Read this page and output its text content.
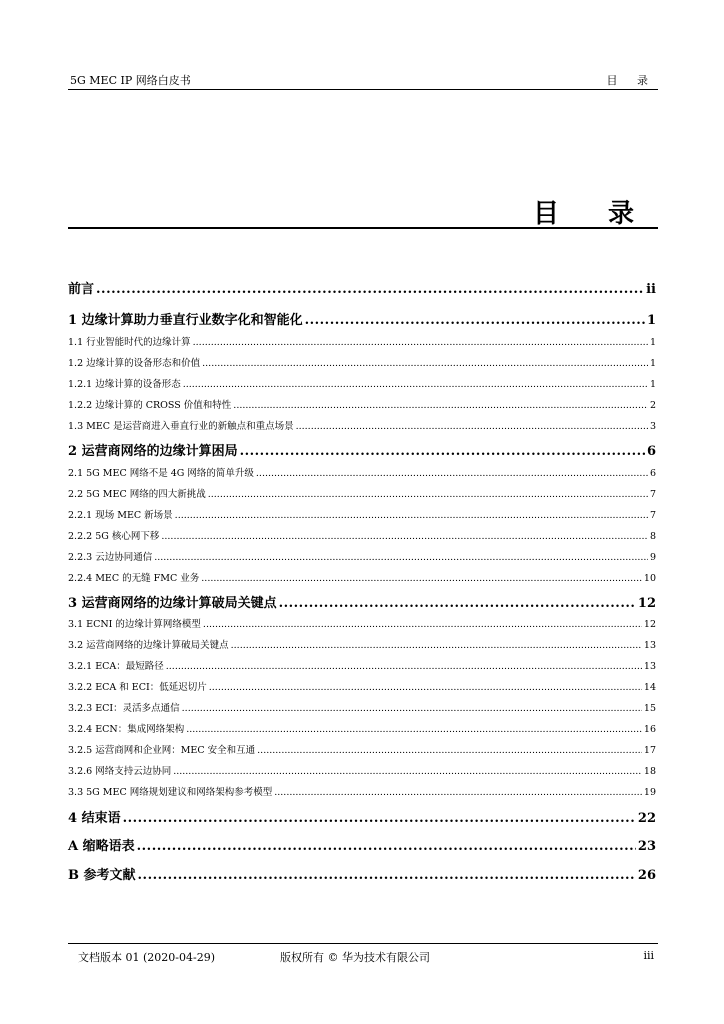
5G MEC IP 网络白皮书	目 录
目 录
前言 .....	ii
1 边缘计算助力垂直行业数字化和智能化 .....	1
1.1 行业智能时代的边缘计算 .....	1
1.2 边缘计算的设备形态和价值 .....	1
1.2.1 边缘计算的设备形态 .....	1
1.2.2 边缘计算的 CROSS 价值和特性 .....	2
1.3 MEC 是运营商进入垂直行业的新触点和重点场景 .....	3
2 运营商网络的边缘计算困局 .....	6
2.1 5G MEC 网络不是 4G 网络的简单升级 .....	6
2.2 5G MEC 网络的四大新挑战 .....	7
2.2.1 现场 MEC 新场景 .....	7
2.2.2 5G 核心网下移 .....	8
2.2.3 云边协同通信 .....	9
2.2.4 MEC 的无缝 FMC 业务 .....	10
3 运营商网络的边缘计算破局关键点 .....	12
3.1 ECNI 的边缘计算网络模型 .....	12
3.2 运营商网络的边缘计算破局关键点 .....	13
3.2.1 ECA：最短路径 .....	13
3.2.2 ECA 和 ECI：低延迟切片 .....	14
3.2.3 ECI：灵活多点通信 .....	15
3.2.4 ECN：集成网络架构 .....	16
3.2.5 运营商网和企业网：MEC 安全和互通 .....	17
3.2.6 网络支持云边协同 .....	18
3.3 5G MEC 网络规划建议和网络架构参考模型 .....	19
4 结束语 .....	22
A 缩略语表 .....	23
B 参考文献 .....	26
文档版本 01 (2020-04-29)	版权所有 © 华为技术有限公司	iii
